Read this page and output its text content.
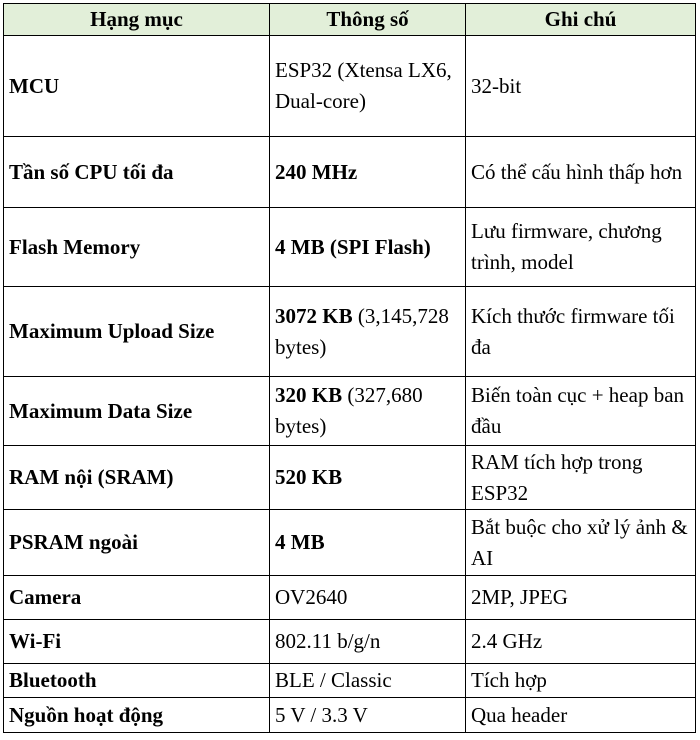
Hạng mục	Thông số	Ghi chú
MCU	ESP32 (Xtensa LX6, Dual-core)	32-bit
Tần số CPU tối đa	240 MHz	Có thể cấu hình thấp hơn
Flash Memory	4 MB (SPI Flash)	Lưu firmware, chương trình, model
Maximum Upload Size	3072 KB (3,145,728 bytes)	Kích thước firmware tối đa
Maximum Data Size	320 KB (327,680 bytes)	Biến toàn cục + heap ban đầu
RAM nội (SRAM)	520 KB	RAM tích hợp trong ESP32
PSRAM ngoài	4 MB	Bắt buộc cho xử lý ảnh & AI
Camera	OV2640	2MP, JPEG
Wi-Fi	802.11 b/g/n	2.4 GHz
Bluetooth	BLE / Classic	Tích hợp
Nguồn hoạt động	5 V / 3.3 V	Qua header
